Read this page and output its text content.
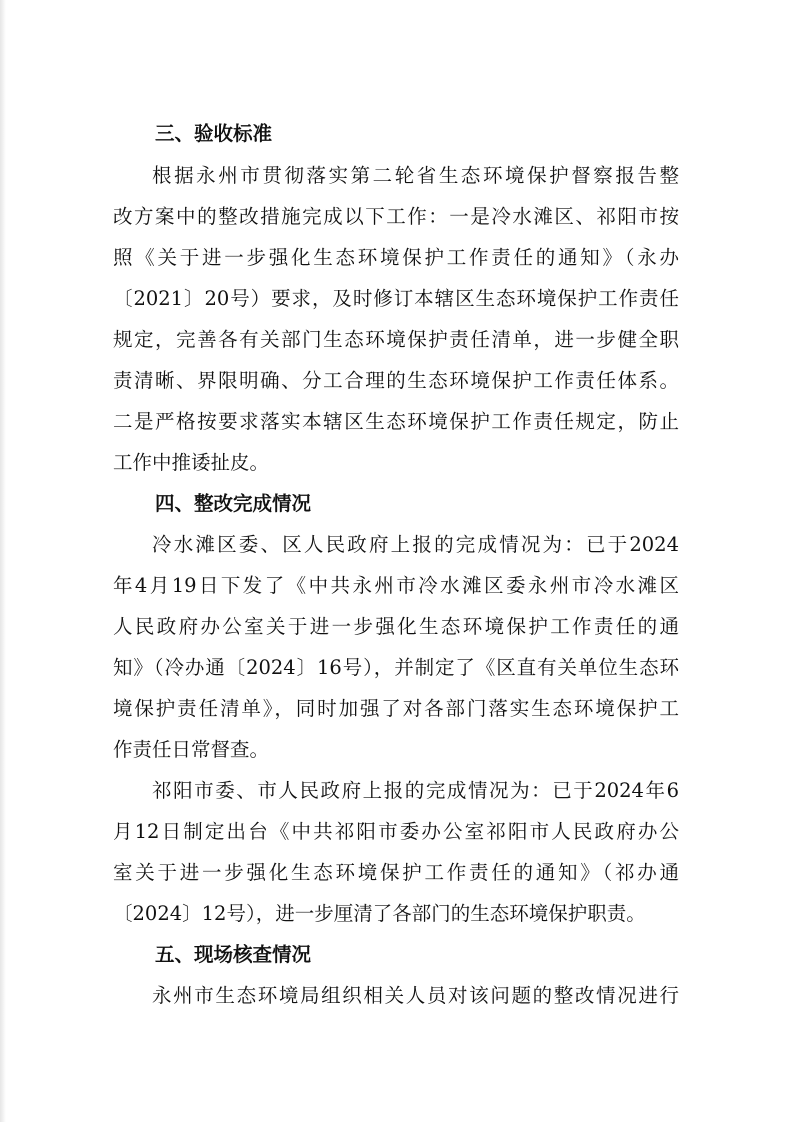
三、验收标准
根据永州市贯彻落实第二轮省生态环境保护督察报告整
改方案中的整改措施完成以下工作：一是冷水滩区、祁阳市按
照《关于进一步强化生态环境保护工作责任的通知》（永办
〔2021〕20号）要求，及时修订本辖区生态环境保护工作责任
规定，完善各有关部门生态环境保护责任清单，进一步健全职
责清晰、界限明确、分工合理的生态环境保护工作责任体系。
二是严格按要求落实本辖区生态环境保护工作责任规定，防止
工作中推诿扯皮。
四、整改完成情况
冷水滩区委、区人民政府上报的完成情况为：已于2024
年4月19日下发了《中共永州市冷水滩区委永州市冷水滩区
人民政府办公室关于进一步强化生态环境保护工作责任的通
知》（冷办通〔2024〕16号），并制定了《区直有关单位生态环
境保护责任清单》，同时加强了对各部门落实生态环境保护工
作责任日常督查。
祁阳市委、市人民政府上报的完成情况为：已于2024年6
月12日制定出台《中共祁阳市委办公室祁阳市人民政府办公
室关于进一步强化生态环境保护工作责任的通知》（祁办通
〔2024〕12号），进一步厘清了各部门的生态环境保护职责。
五、现场核查情况
永州市生态环境局组织相关人员对该问题的整改情况进行
